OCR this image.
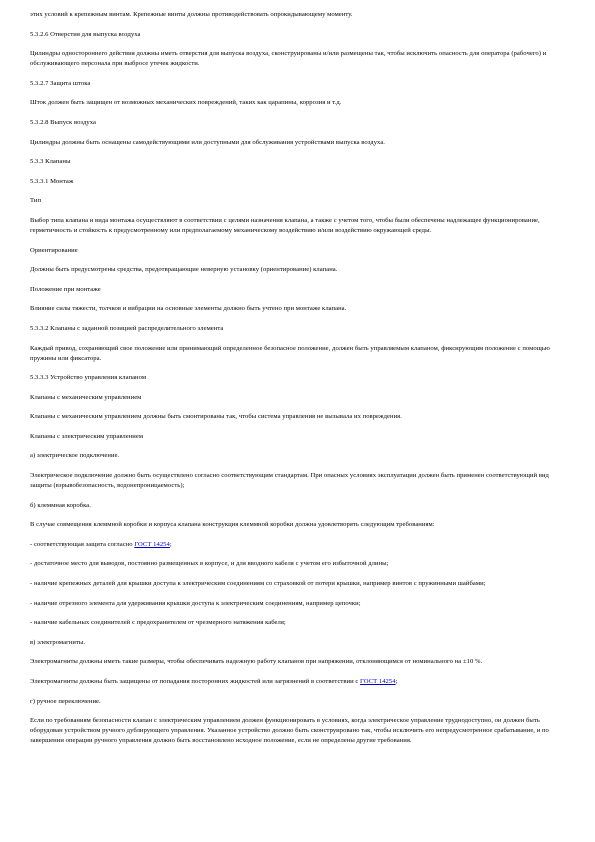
этих условий к крепежным винтам. Крепежные винты должны противодействовать опрокидывающему моменту.

5.3.2.6 Отверстия для выпуска воздуха

Цилиндры одностороннего действия должны иметь отверстия для выпуска воздуха, сконструированы и/или размещены так, чтобы исключить опасность для оператора (рабочего) и обслуживающего персонала при выбросе утечек жидкости.

5.3.2.7 Защита штока

Шток должен быть защищен от возможных механических повреждений, таких как царапины, коррозия и т.д.

5.3.2.8 Выпуск воздуха

Цилиндры должны быть оснащены самодействующими или доступными для обслуживания устройствами выпуска воздуха.

5.3.3 Клапаны

5.3.3.1 Монтаж

Тип

Выбор типа клапана и вида монтажа осуществляют в соответствии с целями назначения клапана, а также с учетом того, чтобы были обеспечены надлежащее функционирование, герметичность и стойкость к предусмотренному или предполагаемому механическому воздействию и/или воздействию окружающей среды.

Ориентирование

Должны быть предусмотрены средства, предотвращающие неверную установку (ориентирование) клапана.

Положение при монтаже

Влияние силы тяжести, толчков и вибрации на основные элементы должно быть учтено при монтаже клапана.

5.3.3.2 Клапаны с заданной позицией распределительного элемента

Каждый привод, сохраняющий свое положение или принимающий определенное безопасное положение, должен быть управляемым клапаном, фиксирующим положение с помощью пружины или фиксатора.

5.3.3.3 Устройство управления клапаном

Клапаны с механическим управлением

Клапаны с механическим управлением должны быть смонтированы так, чтобы система управления не вызывала их повреждения.

Клапаны с электрическим управлением

а) электрическое подключение.

Электрическое подключение должно быть осуществлено согласно соответствующим стандартам. При опасных условиях эксплуатации должен быть применен соответствующий вид защиты (взрывобезопасность, водонепроницаемость);

б) клеммная коробка.

В случае совмещения клеммной коробки и корпуса клапана конструкция клеммной коробки должна удовлетворять следующим требованиям:

- соответствующая защита согласно ГОСТ 14254;

- достаточное место для выводов, постоянно размещенных в корпусе, и для вводного кабеля с учетом его избыточной длины;

- наличие крепежных деталей для крышки доступа к электрическим соединениям со страховкой от потери крышки, например винтов с пружинными шайбами;

- наличие отрезного элемента для удерживания крышки доступа к электрическим соединениям, например цепочки;

- наличие кабельных соединителей с предохранителем от чрезмерного натяжения кабеля;

в) электромагниты.

Электромагниты должны иметь такие размеры, чтобы обеспечивать надежную работу клапанов при напряжении, отклоняющимся от номинального на ±10 %.

Электромагниты должны быть защищены от попадания посторонних жидкостей или загрязнений в соответствии с ГОСТ 14254;

г) ручное переключение.

Если по требованиям безопасности клапан с электрическим управлением должен функционировать в условиях, когда электрическое управление труднодоступно, он должен быть оборудован устройством ручного дублирующего управления. Указанное устройство должно быть сконструировано так, чтобы исключить его непредусмотренное срабатывание, и по завершении операции ручного управления должно быть восстановлено исходное положение, если не определены другие требования.
